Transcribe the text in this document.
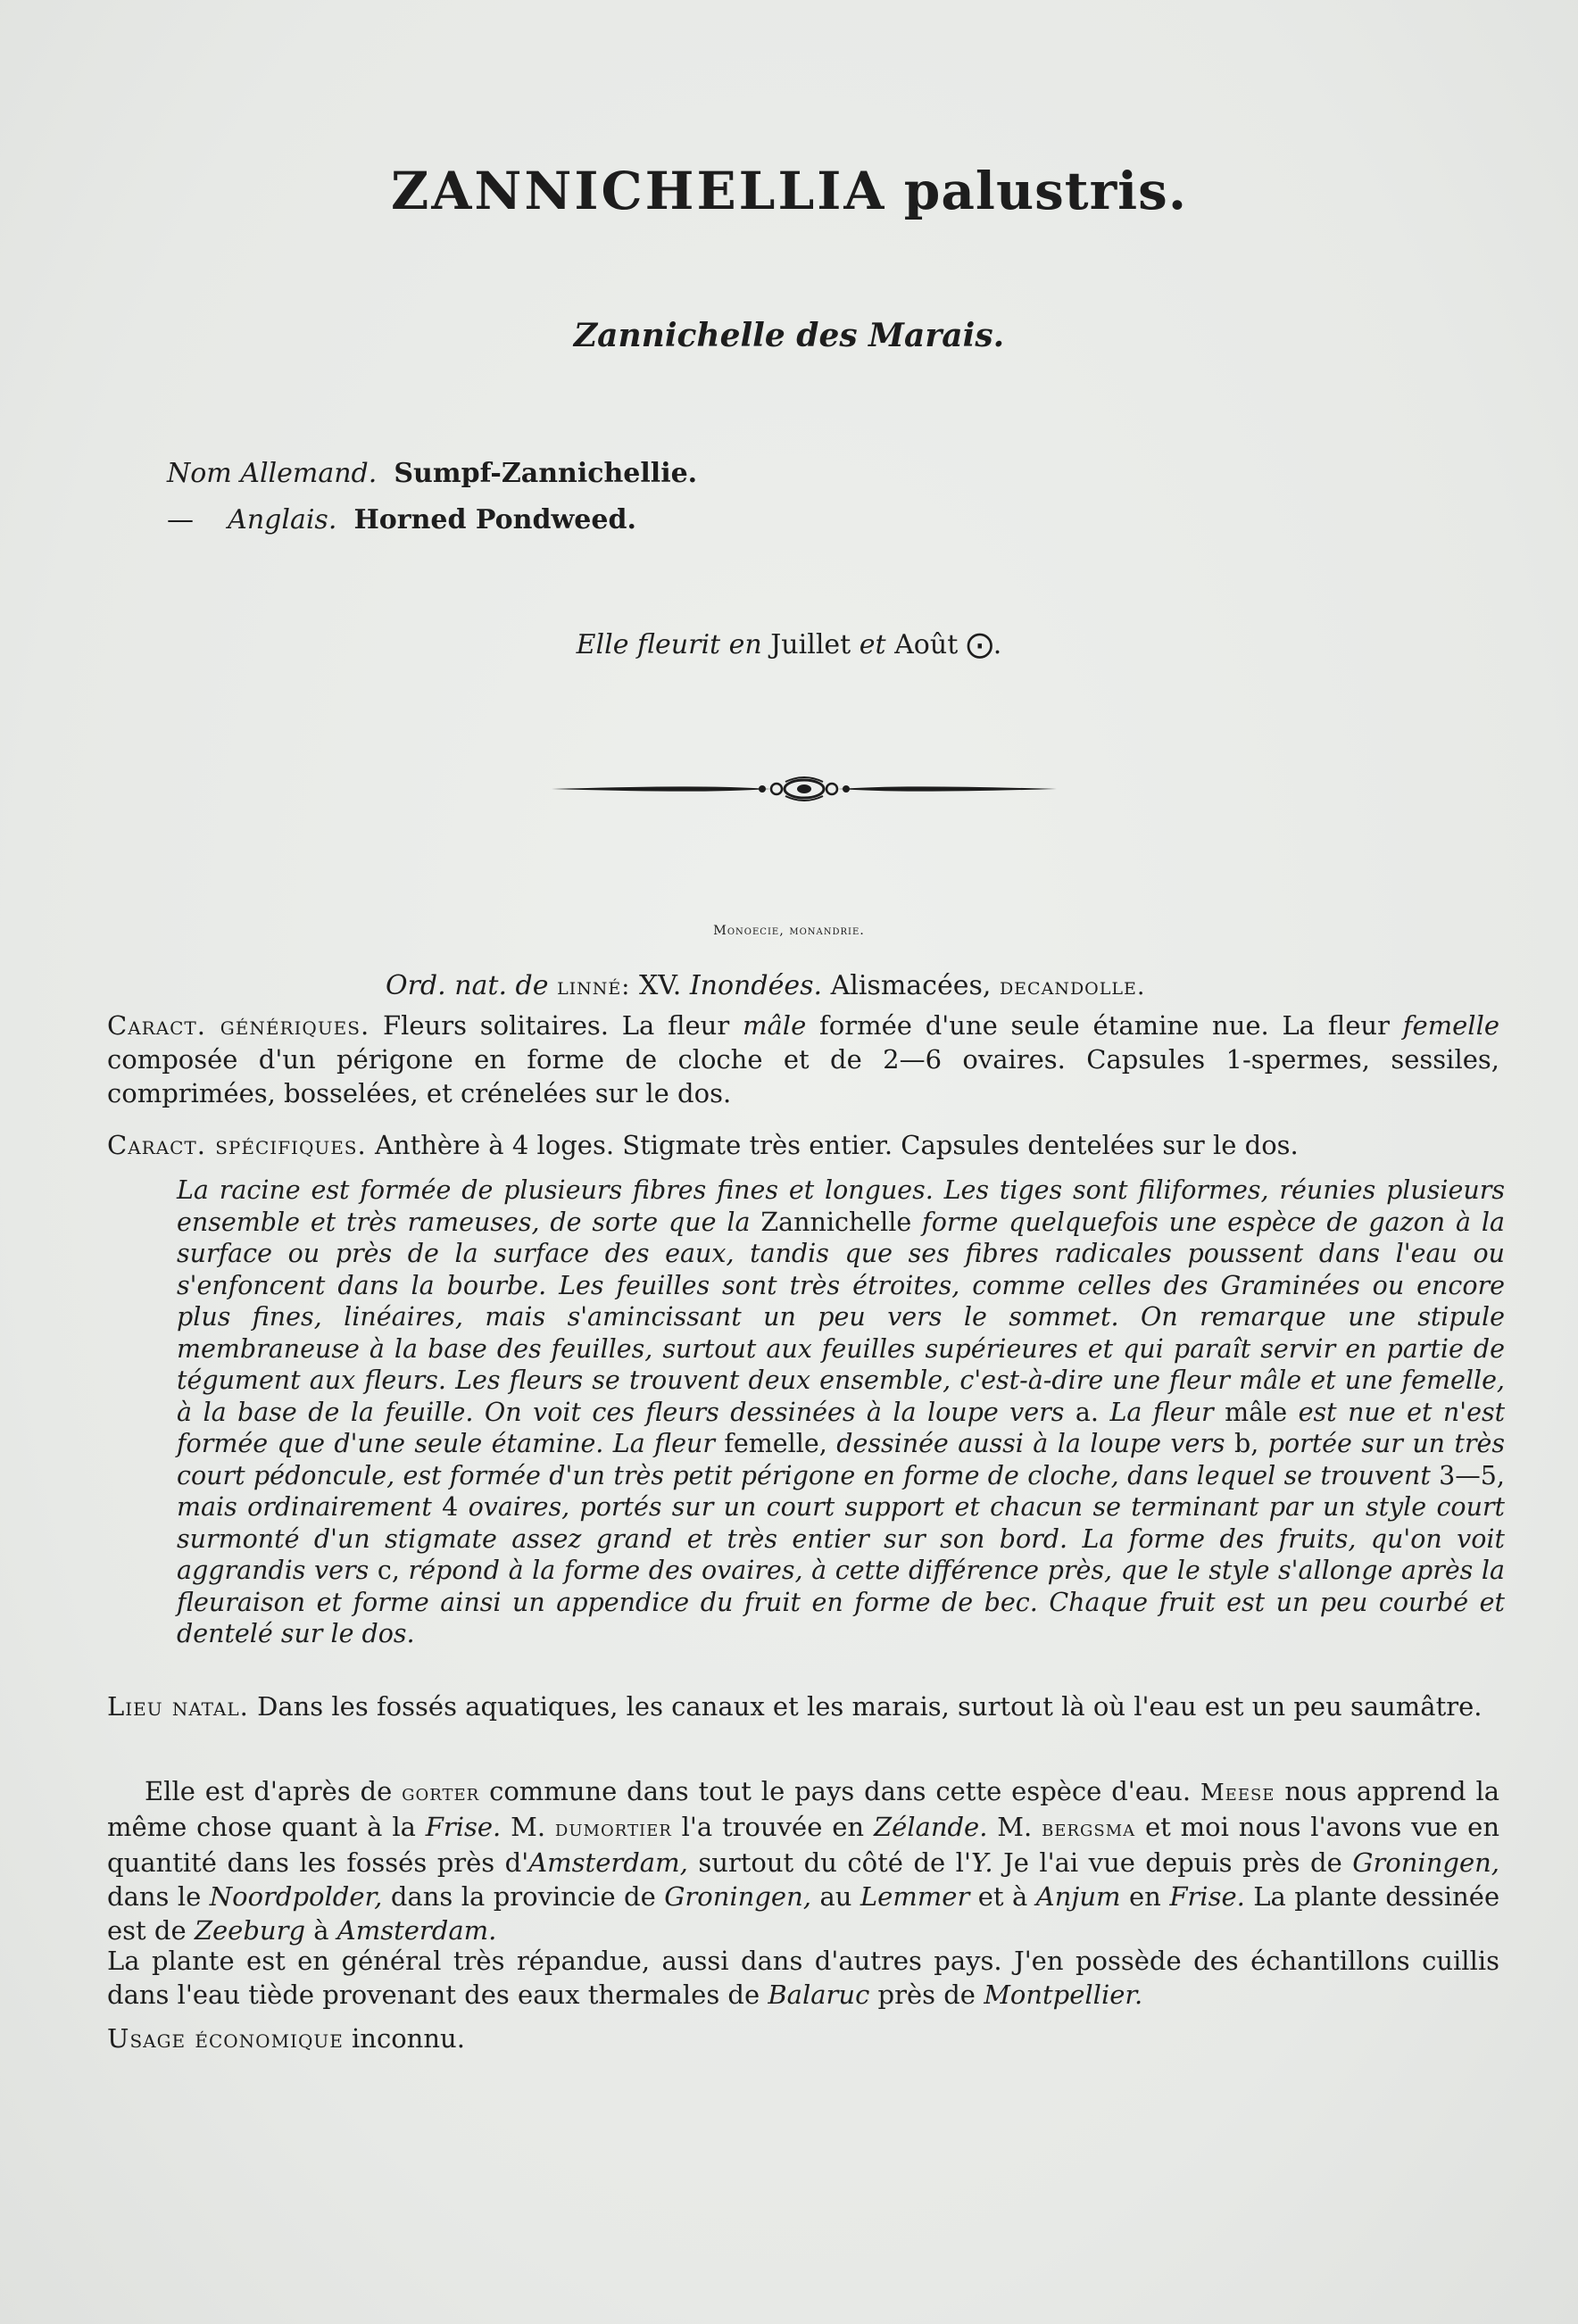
ZANNICHELLIA palustris.
Zannichelle des Marais.
Nom Allemand. Sumpf-Zannichellie.
— Anglais. Horned Pondweed.
Elle fleurit en Juillet et Août ⨀.
Monoecie, monandrie.
Ord. nat. de linné: XV. Inondées. Alismacées, decandolle.
Caract. génériques. Fleurs solitaires. La fleur mâle formée d'une seule étamine nue. La fleur femelle composée d'un périgone en forme de cloche et de 2—6 ovaires. Capsules 1-spermes, sessiles, comprimées, bosselées, et crénelées sur le dos.
Caract. spécifiques. Anthère à 4 loges. Stigmate très entier. Capsules dentelées sur le dos.
La racine est formée de plusieurs fibres fines et longues. Les tiges sont filiformes, réunies plusieurs ensemble et très rameuses, de sorte que la Zannichelle forme quelquefois une espèce de gazon à la surface ou près de la surface des eaux, tandis que ses fibres radicales poussent dans l'eau ou s'enfoncent dans la bourbe. Les feuilles sont très étroites, comme celles des Graminées ou encore plus fines, linéaires, mais s'amincissant un peu vers le sommet. On remarque une stipule membraneuse à la base des feuilles, surtout aux feuilles supérieures et qui paraît servir en partie de tégument aux fleurs. Les fleurs se trouvent deux ensemble, c'est-à-dire une fleur mâle et une femelle, à la base de la feuille. On voit ces fleurs dessinées à la loupe vers a. La fleur mâle est nue et n'est formée que d'une seule étamine. La fleur femelle, dessinée aussi à la loupe vers b, portée sur un très court pédoncule, est formée d'un très petit périgone en forme de cloche, dans lequel se trouvent 3—5, mais ordinairement 4 ovaires, portés sur un court support et chacun se terminant par un style court surmonté d'un stigmate assez grand et très entier sur son bord. La forme des fruits, qu'on voit aggrandis vers c, répond à la forme des ovaires, à cette différence près, que le style s'allonge après la fleuraison et forme ainsi un appendice du fruit en forme de bec. Chaque fruit est un peu courbé et dentelé sur le dos.
Lieu natal. Dans les fossés aquatiques, les canaux et les marais, surtout là où l'eau est un peu saumâtre.
Elle est d'après de gorter commune dans tout le pays dans cette espèce d'eau. Meese nous apprend la même chose quant à la Frise. M. dumortier l'a trouvée en Zélande. M. bergsma et moi nous l'avons vue en quantité dans les fossés près d'Amsterdam, surtout du côté de l'Y. Je l'ai vue depuis près de Groningen, dans le Noordpolder, dans la provincie de Groningen, au Lemmer et à Anjum en Frise. La plante dessinée est de Zeeburg à Amsterdam.
La plante est en général très répandue, aussi dans d'autres pays. J'en possède des échantillons cuillis dans l'eau tiède provenant des eaux thermales de Balaruc près de Montpellier.
Usage économique inconnu.
